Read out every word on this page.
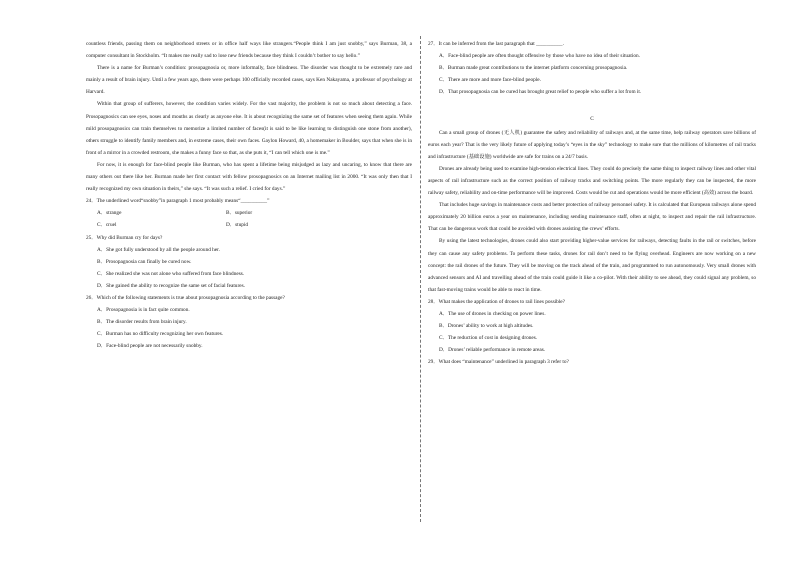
countless friends, passing them on neighborhood streets or in office half ways like strangers.“People think I am just snobby,” says Burman, 38, a computer consultant in Stockholm. “It makes me really sad to lose new friends because they think I couldn’t bother to say hello.”

There is a name for Burman’s condition: prosopagnosia or, more informally, face blindness. The disorder was thought to be extremely rare and mainly a result of brain injury. Until a few years ago, there were perhaps 100 officially recorded cases, says Ken Nakayama, a professor of psychology at Harvard.

Within that group of sufferers, however, the condition varies widely. For the vast majority, the problem is not so much about detecting a face. Prosopagnosics can see eyes, noses and mouths as clearly as anyone else. It is about recognizing the same set of features when seeing them again. While mild prosopagnosics can train themselves to memorize a limited number of faces(it is said to be like learning to distinguish one stone from another), others struggle to identify family members and, in extreme cases, their own faces. Gaylon Howard, 40, a homemaker in Boulder, says that when she is in front of a mirror in a crowded restroom, she makes a funny face so that, as she puts it, “I can tell which one is me.”

For now, it is enough for face-blind people like Burman, who has spent a lifetime being misjudged as lazy and uncaring, to know that there are many others out there like her. Burman made her first contact with fellow prosopagnosics on an Internet mailing list in 2000. “It was only then that I really recognized my own situation in theirs,” she says. “It was such a relief. I cried for days.”

24．The underlined word“snobby”in paragraph 1 most probably means“__________”

A．strange	B．superior
C．cruel	D．stupid

25．Why did Burman cry for days?

A．She got fully understood by all the people around her.

B．Prosopagnosia can finally be cured now.

C．She realized she was not alone who suffered from face blindness.

D．She gained the ability to recognize the same set of facial features.

26．Which of the following statements is true about prosopagnosia according to the passage?

A．Prosopagnosia is in fact quite common.

B．The disorder results from brain injury.

C．Burman has no difficulty recognizing her own features.

D．Face-blind people are not necessarily snobby.

27．It can be inferred from the last paragraph that __________.

A．Face-blind people are often thought offensive by those who have no idea of their situation.

B．Burman made great contributions to the internet platform concerning prosopagnosia.

C．There are more and more face-blind people.

D．That prosopagnosia can be cured has brought great relief to people who suffer a lot from it.

C

Can a small group of drones (无人机) guarantee the safety and reliability of railways and, at the same time, help railway operators save billions of euros each year? That is the very likely future of applying today’s “eyes in the sky” technology to make sure that the millions of kilometres of rail tracks and infrastructure (基础设施) worldwide are safe for trains on a 24/7 basis.

Drones are already being used to examine high-tension electrical lines. They could do precisely the same thing to inspect railway lines and other vital aspects of rail infrastructure such as the correct position of railway tracks and switching points. The more regularly they can be inspected, the more railway safety, reliability and on-time performance will be improved. Costs would be cut and operations would be more efficient (高效) across the board.

That includes huge savings in maintenance costs and better protection of railway personnel safety. It is calculated that European railways alone spend approximately 20 billion euros a year on maintenance, including sending maintenance staff, often at night, to inspect and repair the rail infrastructure. That can be dangerous work that could be avoided with drones assisting the crews’ efforts.

By using the latest technologies, drones could also start providing higher-value services for railways, detecting faults in the rail or switches, before they can cause any safety problems. To perform these tasks, drones for rail don’t need to be flying overhead. Engineers are now working on a new concept: the rail drones of the future. They will be moving on the track ahead of the train, and programmed to run autonomously. Very small drones with advanced sensors and AI and travelling ahead of the train could guide it like a co-pilot. With their ability to see ahead, they could signal any problem, so that fast-moving trains would be able to react in time.

28．What makes the application of drones to rail lines possible?

A．The use of drones in checking on power lines.

B．Drones’ ability to work at high altitudes.

C．The reduction of cost in designing drones.

D．Drones’ reliable performance in remote areas.

29．What does “maintenance” underlined in paragraph 3 refer to?
